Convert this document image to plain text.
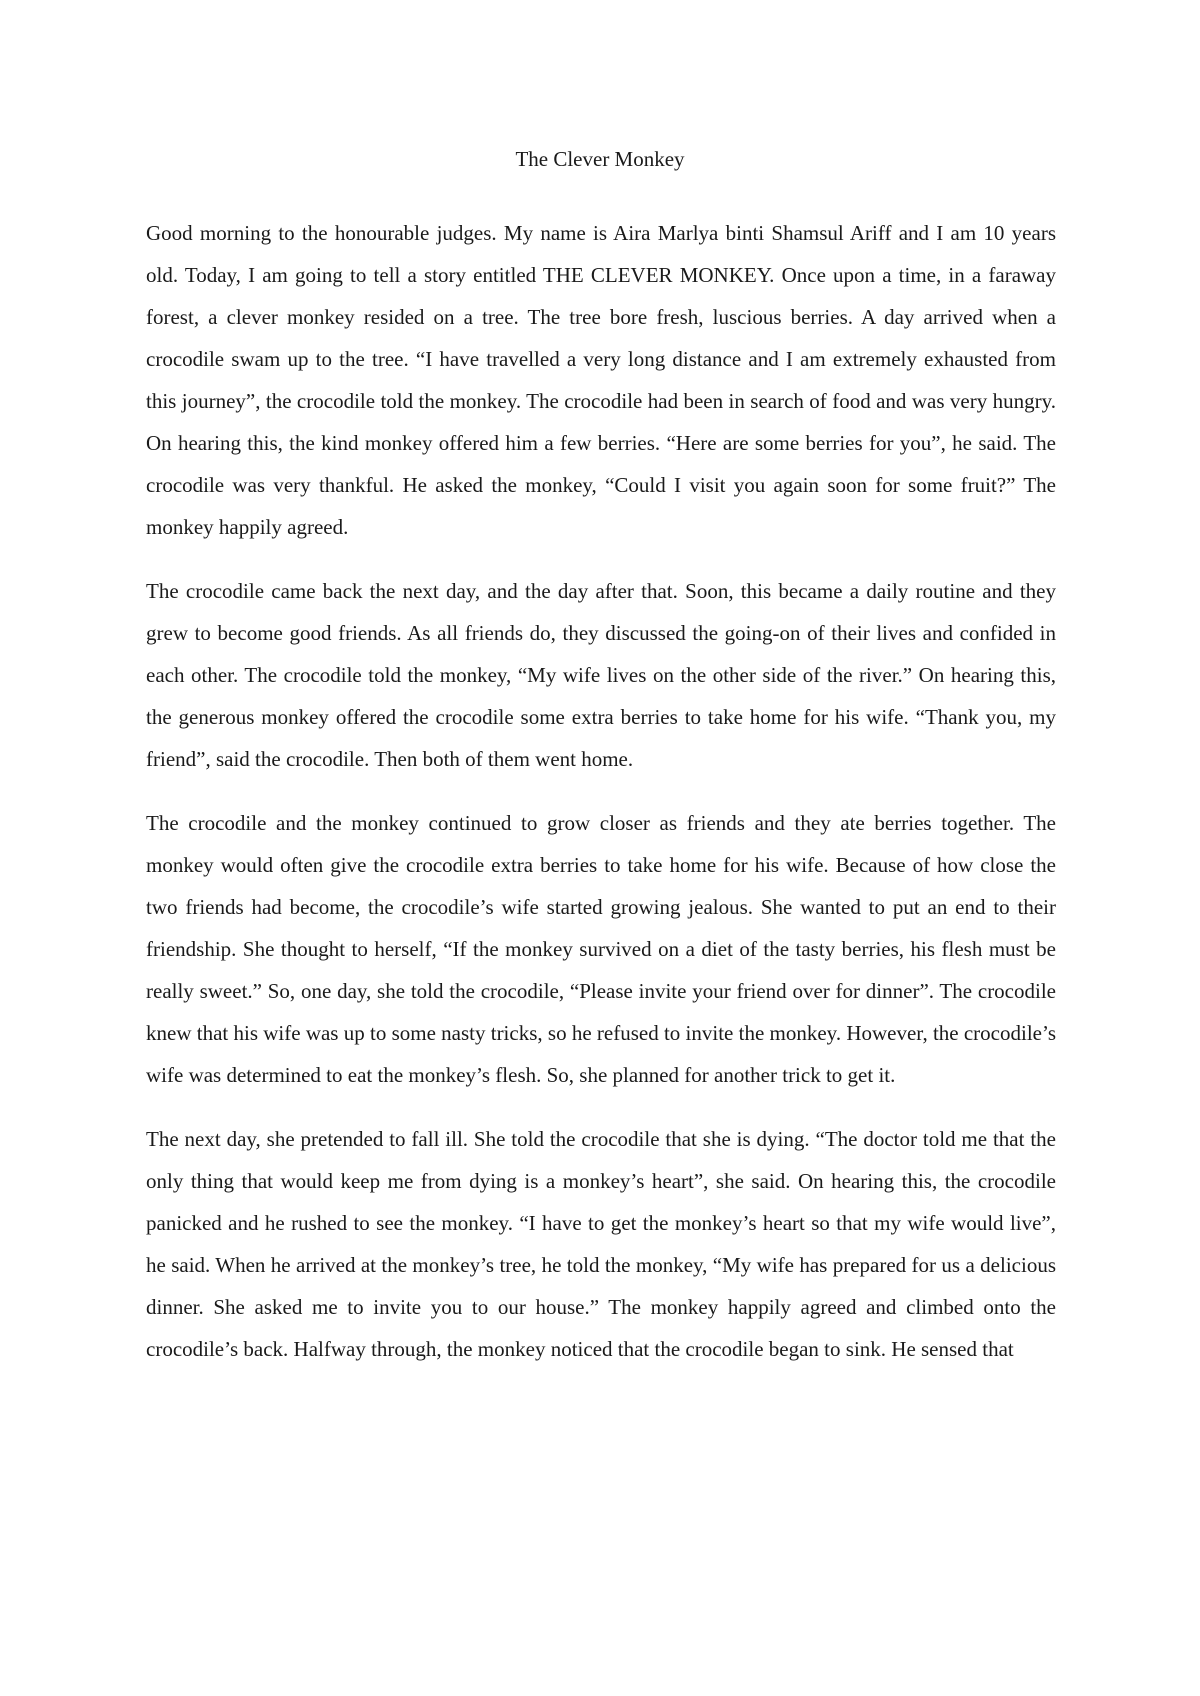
The Clever Monkey

Good morning to the honourable judges. My name is Aira Marlya binti Shamsul Ariff and I am 10 years old. Today, I am going to tell a story entitled THE CLEVER MONKEY. Once upon a time, in a faraway forest, a clever monkey resided on a tree. The tree bore fresh, luscious berries. A day arrived when a crocodile swam up to the tree. “I have travelled a very long distance and I am extremely exhausted from this journey”, the crocodile told the monkey. The crocodile had been in search of food and was very hungry. On hearing this, the kind monkey offered him a few berries. “Here are some berries for you”, he said. The crocodile was very thankful. He asked the monkey, “Could I visit you again soon for some fruit?” The monkey happily agreed.

The crocodile came back the next day, and the day after that. Soon, this became a daily routine and they grew to become good friends. As all friends do, they discussed the going-on of their lives and confided in each other. The crocodile told the monkey, “My wife lives on the other side of the river.” On hearing this, the generous monkey offered the crocodile some extra berries to take home for his wife. “Thank you, my friend”, said the crocodile. Then both of them went home.

The crocodile and the monkey continued to grow closer as friends and they ate berries together. The monkey would often give the crocodile extra berries to take home for his wife. Because of how close the two friends had become, the crocodile’s wife started growing jealous. She wanted to put an end to their friendship. She thought to herself, “If the monkey survived on a diet of the tasty berries, his flesh must be really sweet.” So, one day, she told the crocodile, “Please invite your friend over for dinner”. The crocodile knew that his wife was up to some nasty tricks, so he refused to invite the monkey. However, the crocodile’s wife was determined to eat the monkey’s flesh. So, she planned for another trick to get it.

The next day, she pretended to fall ill. She told the crocodile that she is dying. “The doctor told me that the only thing that would keep me from dying is a monkey’s heart”, she said. On hearing this, the crocodile panicked and he rushed to see the monkey. “I have to get the monkey’s heart so that my wife would live”, he said. When he arrived at the monkey’s tree, he told the monkey, “My wife has prepared for us a delicious dinner. She asked me to invite you to our house.” The monkey happily agreed and climbed onto the crocodile’s back. Halfway through, the monkey noticed that the crocodile began to sink. He sensed that
